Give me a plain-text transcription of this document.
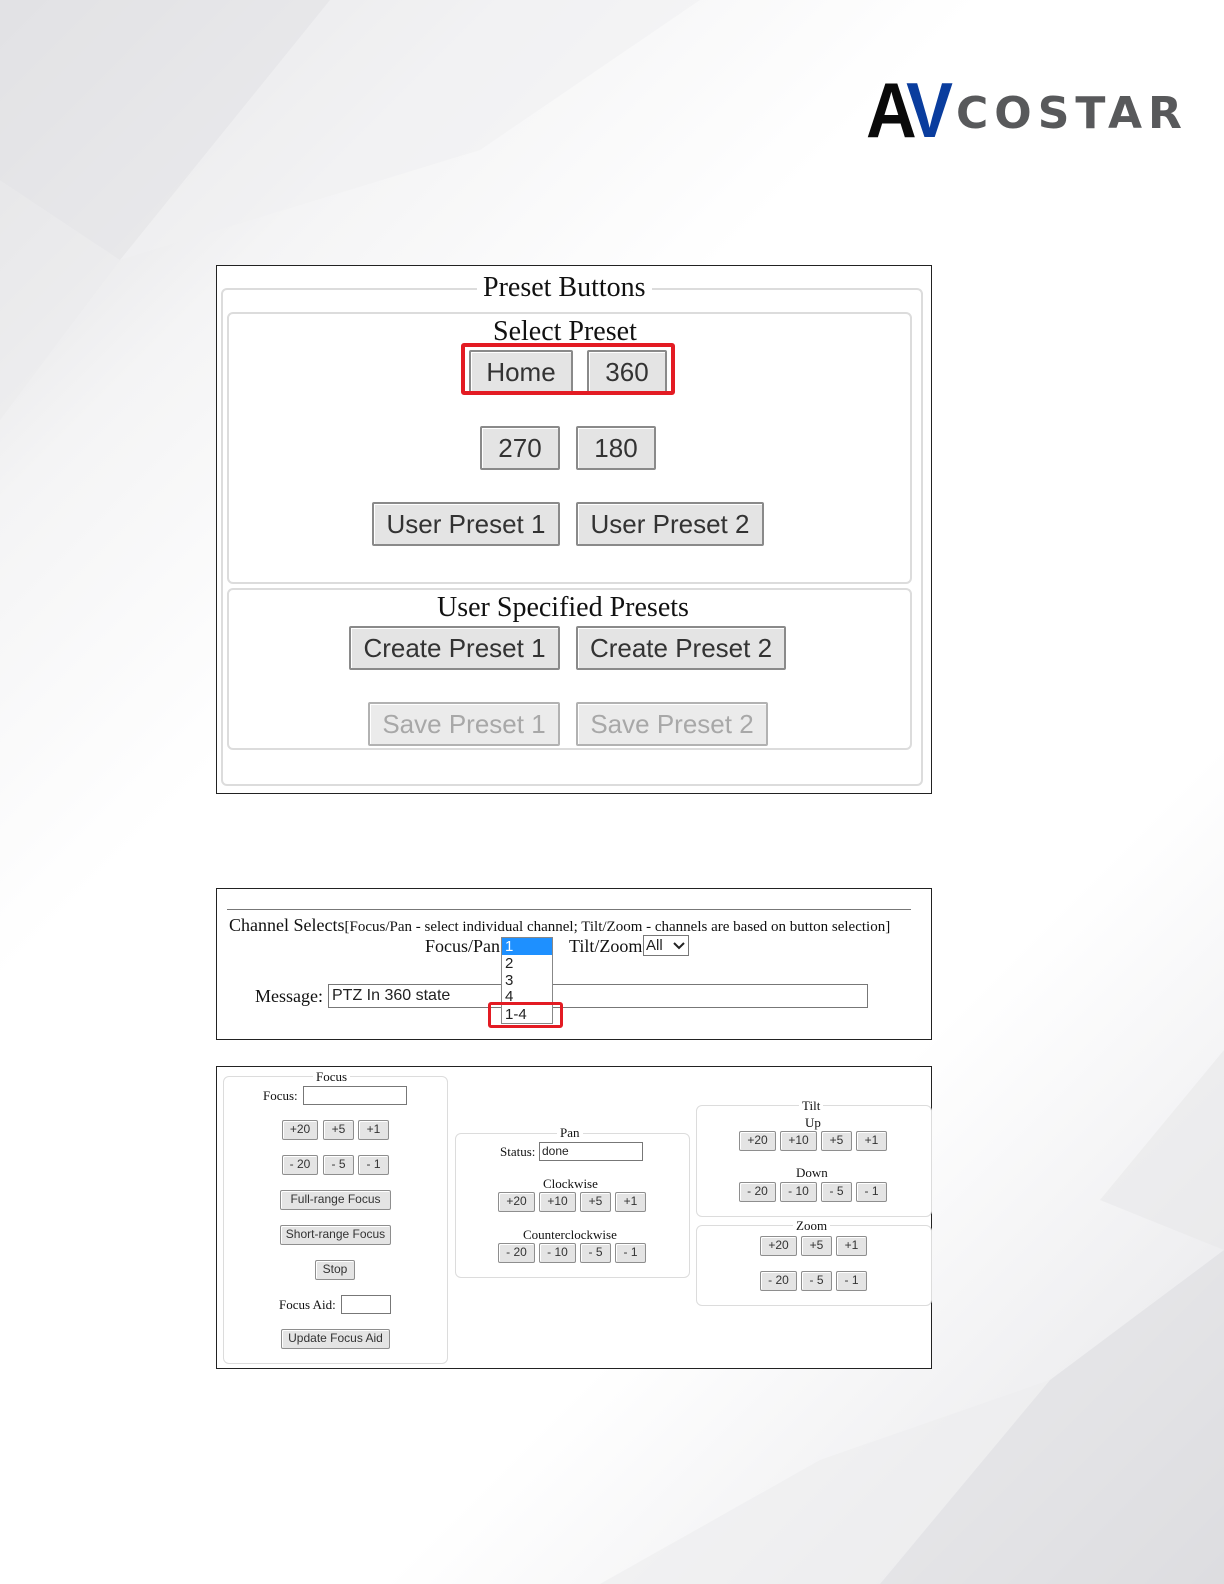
AV COSTAR
Preset Buttons
Select Preset
Home	360
270	180
User Preset 1	User Preset 2
User Specified Presets
Create Preset 1	Create Preset 2
Save Preset 1	Save Preset 2
Channel Selects[Focus/Pan - select individual channel; Tilt/Zoom - channels are based on button selection]
Focus/Pan	Tilt/Zoom All
Message: PTZ In 360 state
1
2
3
4
1-4
Focus
Focus:
+20	+5	+1
- 20	- 5	- 1
Full-range Focus
Short-range Focus
Stop
Focus Aid:
Update Focus Aid
Pan
Status: done
Clockwise
+20	+10	+5	+1
Counterclockwise
- 20	- 10	- 5	- 1
Tilt
Up
+20	+10	+5	+1
Down
- 20	- 10	- 5	- 1
Zoom
+20	+5	+1
- 20	- 5	- 1
